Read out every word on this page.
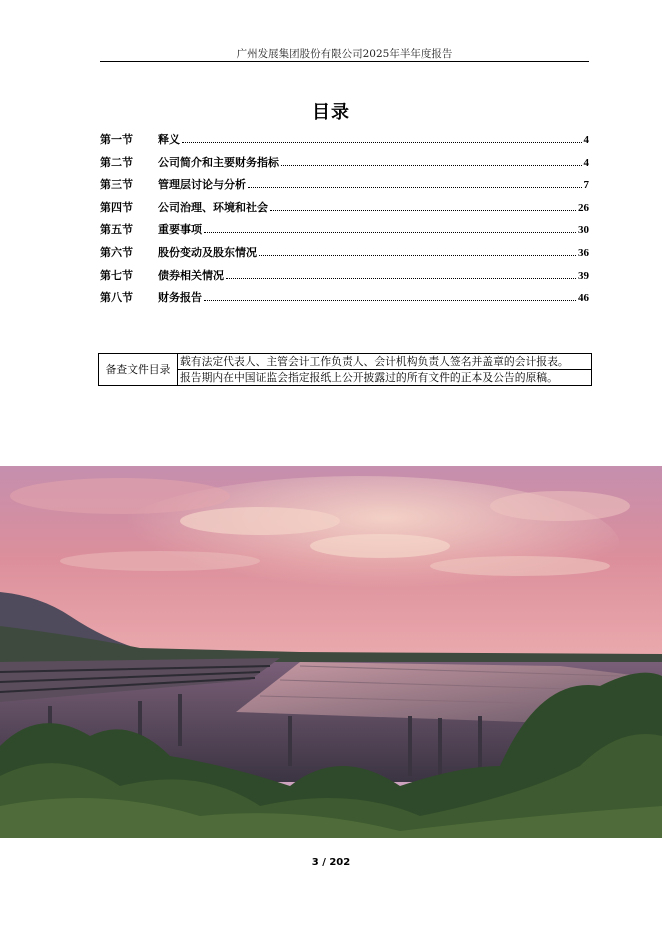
广州发展集团股份有限公司2025年半年度报告
目录
第一节	释义	4
第二节	公司简介和主要财务指标	4
第三节	管理层讨论与分析	7
第四节	公司治理、环境和社会	26
第五节	重要事项	30
第六节	股份变动及股东情况	36
第七节	债券相关情况	39
第八节	财务报告	46
备查文件目录	载有法定代表人、主管会计工作负责人、会计机构负责人签名并盖章的会计报表。
报告期内在中国证监会指定报纸上公开披露过的所有文件的正本及公告的原稿。
3 / 202
